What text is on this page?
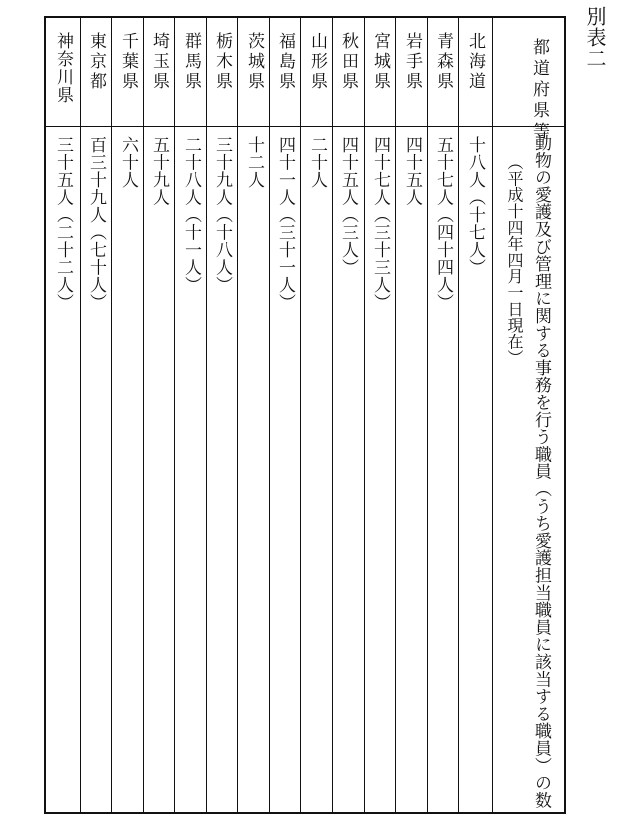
別表二
都道府県等
動物の愛護及び管理に関する事務を行う職員（うち愛護担当職員に該当する職員）の数
（平成十四年四月一日現在）
北海道
十八人（十七人）
青森県
五十七人（四十四人）
岩手県
四十五人
宮城県
四十七人（三十三人）
秋田県
四十五人（三人）
山形県
二十人
福島県
四十一人（三十一人）
茨城県
十二人
栃木県
三十九人（十八人）
群馬県
二十八人（十一人）
埼玉県
五十九人
千葉県
六十人
東京都
百三十九人（七十人）
神奈川県
三十五人（二十二人）
